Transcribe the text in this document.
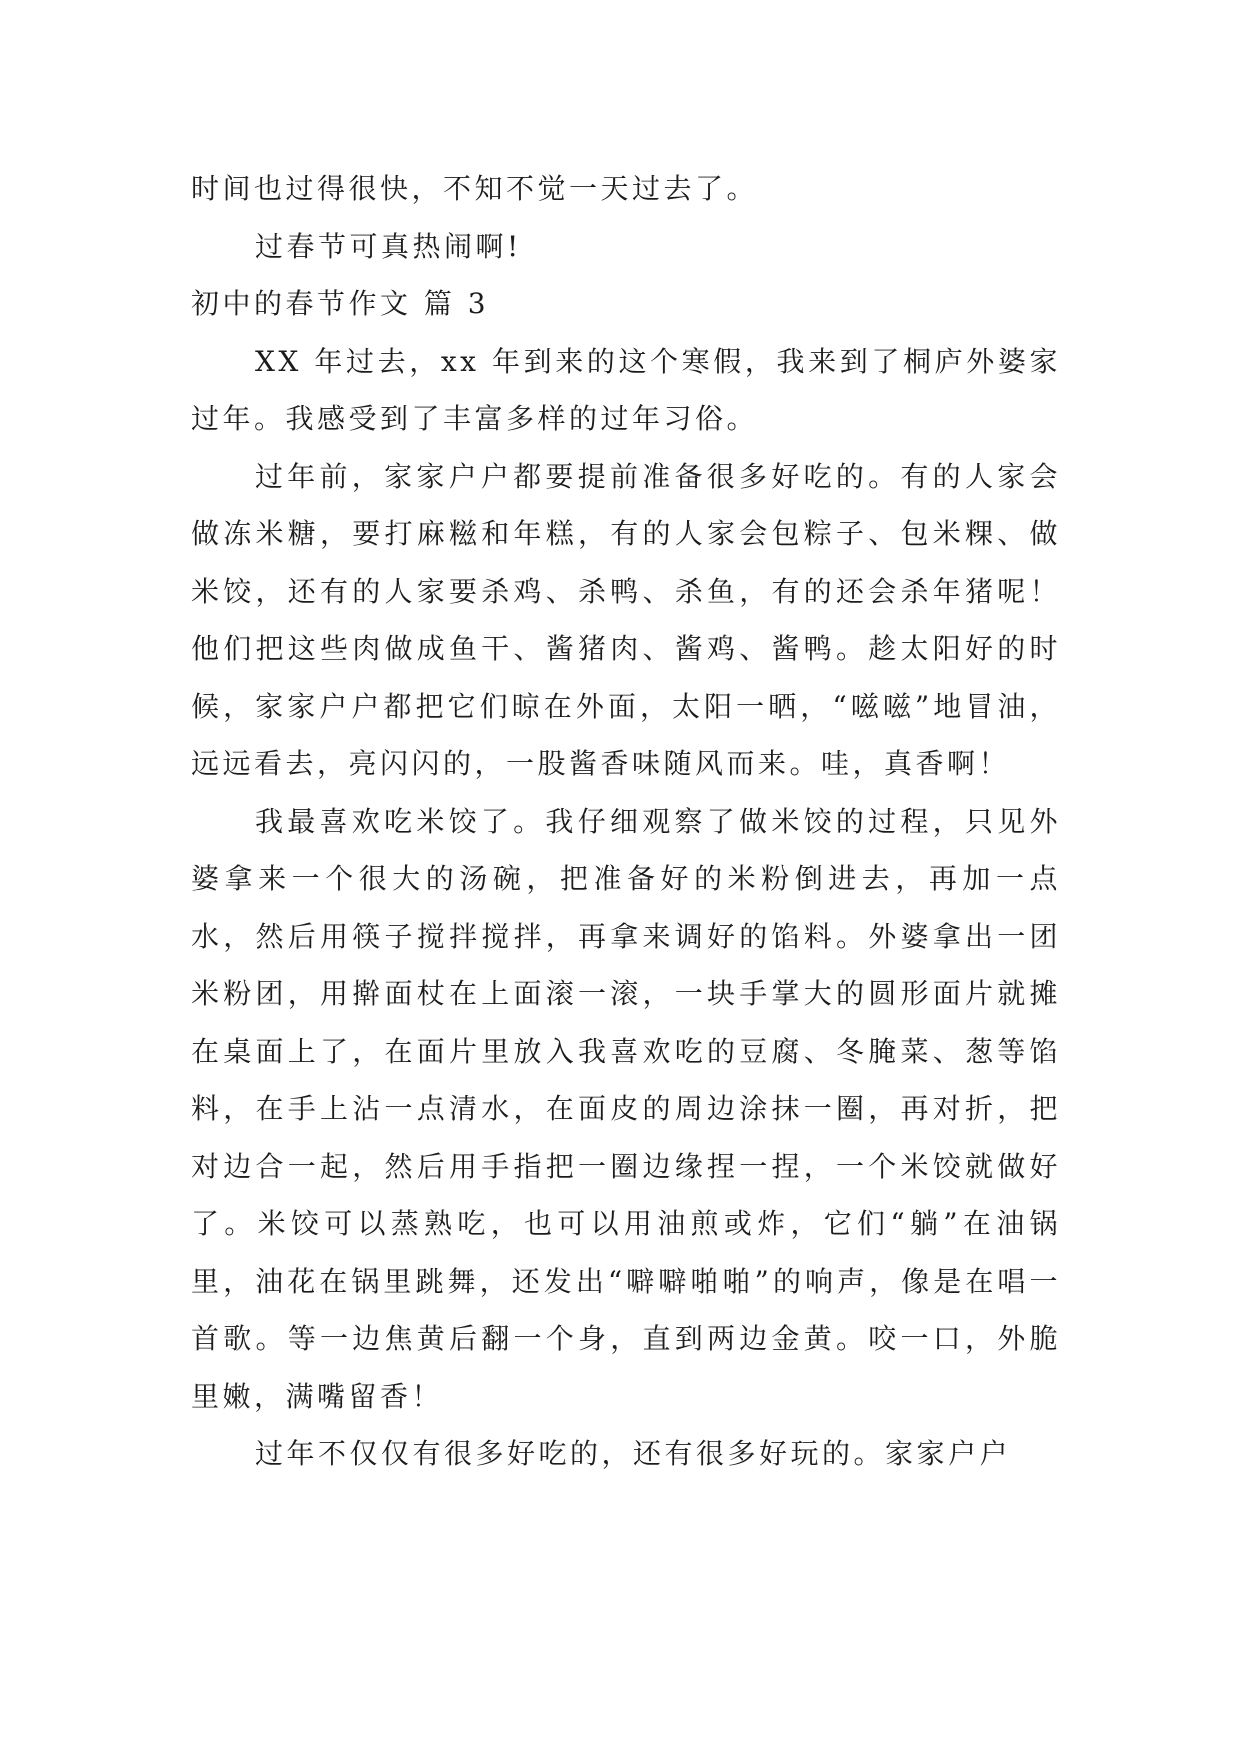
时间也过得很快，不知不觉一天过去了。

过春节可真热闹啊!

初中的春节作文 篇 3

XX 年过去，xx 年到来的这个寒假，我来到了桐庐外婆家过年。我感受到了丰富多样的过年习俗。

过年前，家家户户都要提前准备很多好吃的。有的人家会做冻米糖，要打麻糍和年糕，有的人家会包粽子、包米粿、做米饺，还有的人家要杀鸡、杀鸭、杀鱼，有的还会杀年猪呢！他们把这些肉做成鱼干、酱猪肉、酱鸡、酱鸭。趁太阳好的时候，家家户户都把它们晾在外面，太阳一晒，“嗞嗞”地冒油，远远看去，亮闪闪的，一股酱香味随风而来。哇，真香啊！

我最喜欢吃米饺了。我仔细观察了做米饺的过程，只见外婆拿来一个很大的汤碗，把准备好的米粉倒进去，再加一点水，然后用筷子搅拌搅拌，再拿来调好的馅料。外婆拿出一团米粉团，用擀面杖在上面滚一滚，一块手掌大的圆形面片就摊在桌面上了，在面片里放入我喜欢吃的豆腐、冬腌菜、葱等馅料，在手上沾一点清水，在面皮的周边涂抹一圈，再对折，把对边合一起，然后用手指把一圈边缘捏一捏，一个米饺就做好了。米饺可以蒸熟吃，也可以用油煎或炸，它们“躺”在油锅里，油花在锅里跳舞，还发出“噼噼啪啪”的响声，像是在唱一首歌。等一边焦黄后翻一个身，直到两边金黄。咬一口，外脆里嫩，满嘴留香！

过年不仅仅有很多好吃的，还有很多好玩的。家家户户
